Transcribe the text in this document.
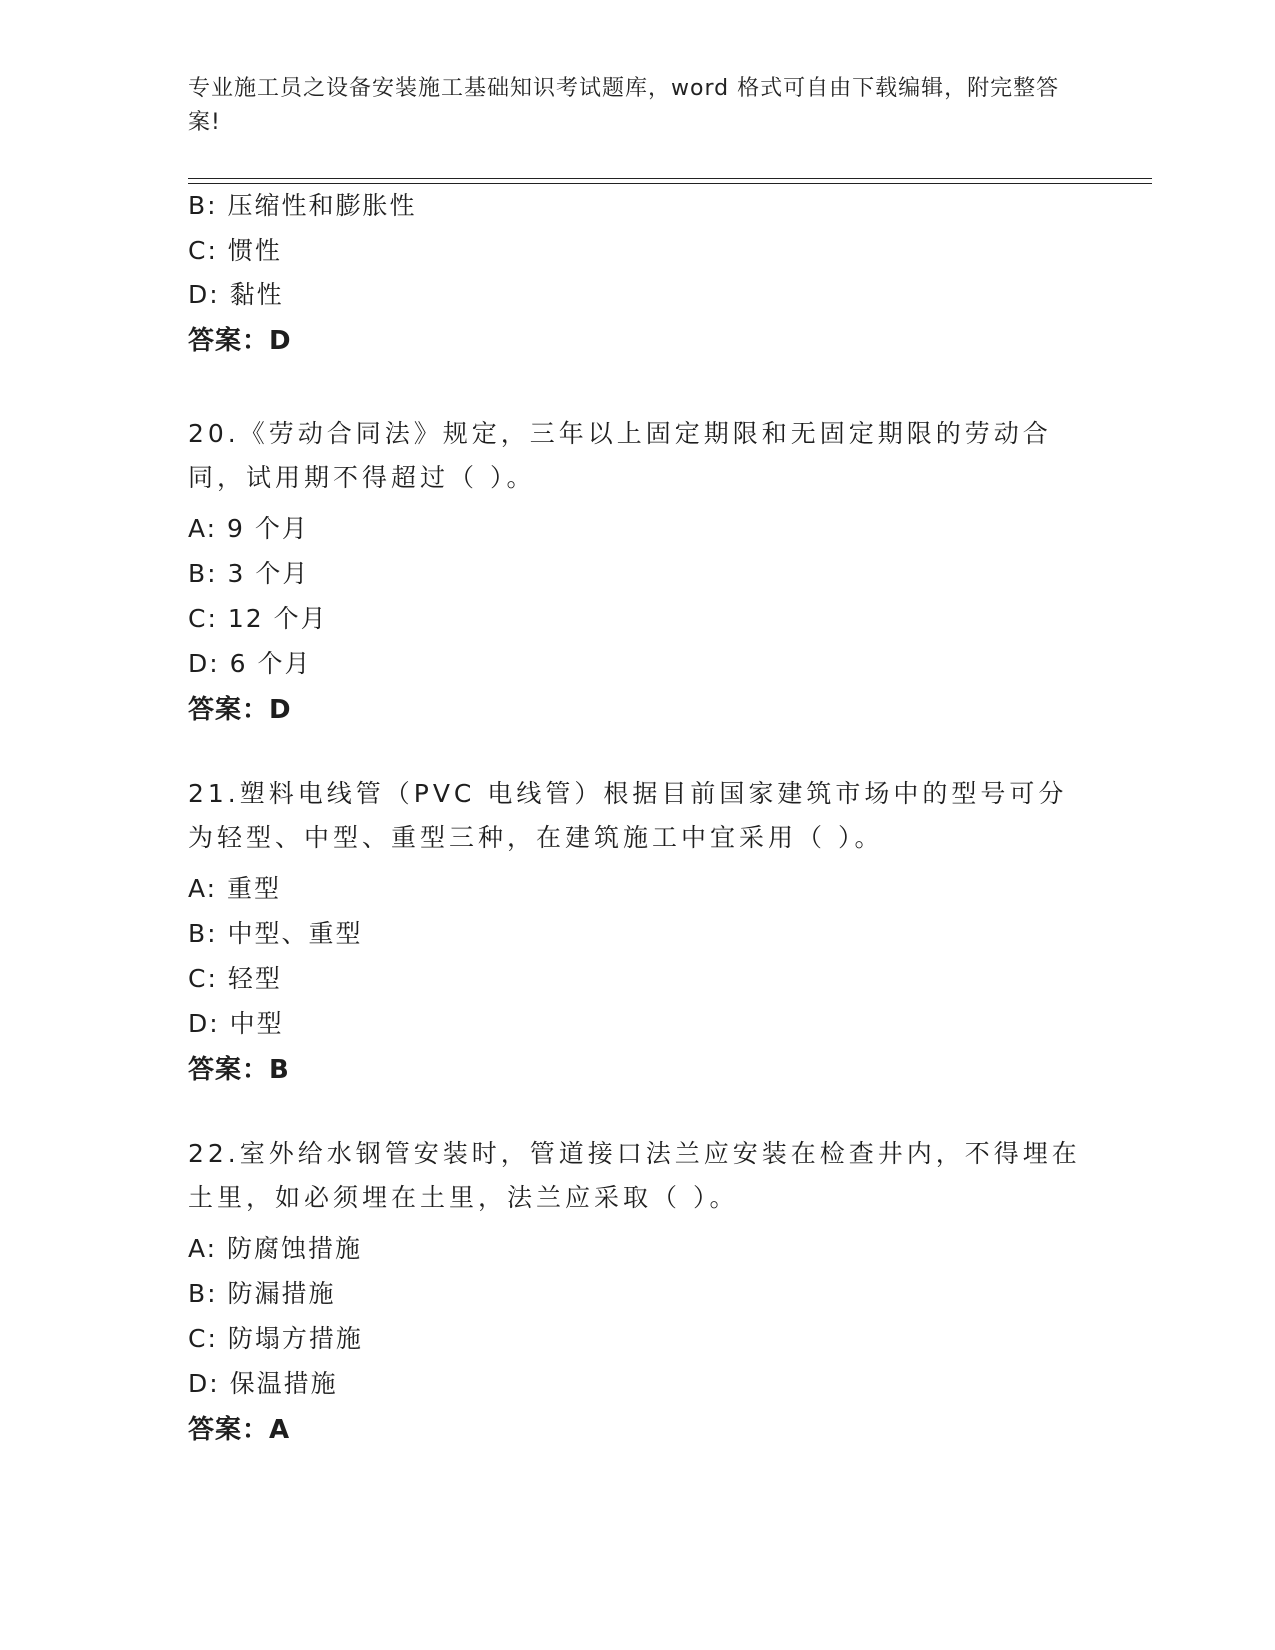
专业施工员之设备安装施工基础知识考试题库，word 格式可自由下载编辑，附完整答案!
B: 压缩性和膨胀性
C: 惯性
D: 黏性
答案：D
20.《劳动合同法》规定，三年以上固定期限和无固定期限的劳动合同，试用期不得超过（ ）。
A: 9 个月
B: 3 个月
C: 12 个月
D: 6 个月
答案：D
21.塑料电线管（PVC 电线管）根据目前国家建筑市场中的型号可分为轻型、中型、重型三种，在建筑施工中宜采用（ ）。
A: 重型
B: 中型、重型
C: 轻型
D: 中型
答案：B
22.室外给水钢管安装时，管道接口法兰应安装在检查井内，不得埋在土里，如必须埋在土里，法兰应采取（ ）。
A: 防腐蚀措施
B: 防漏措施
C: 防塌方措施
D: 保温措施
答案：A
